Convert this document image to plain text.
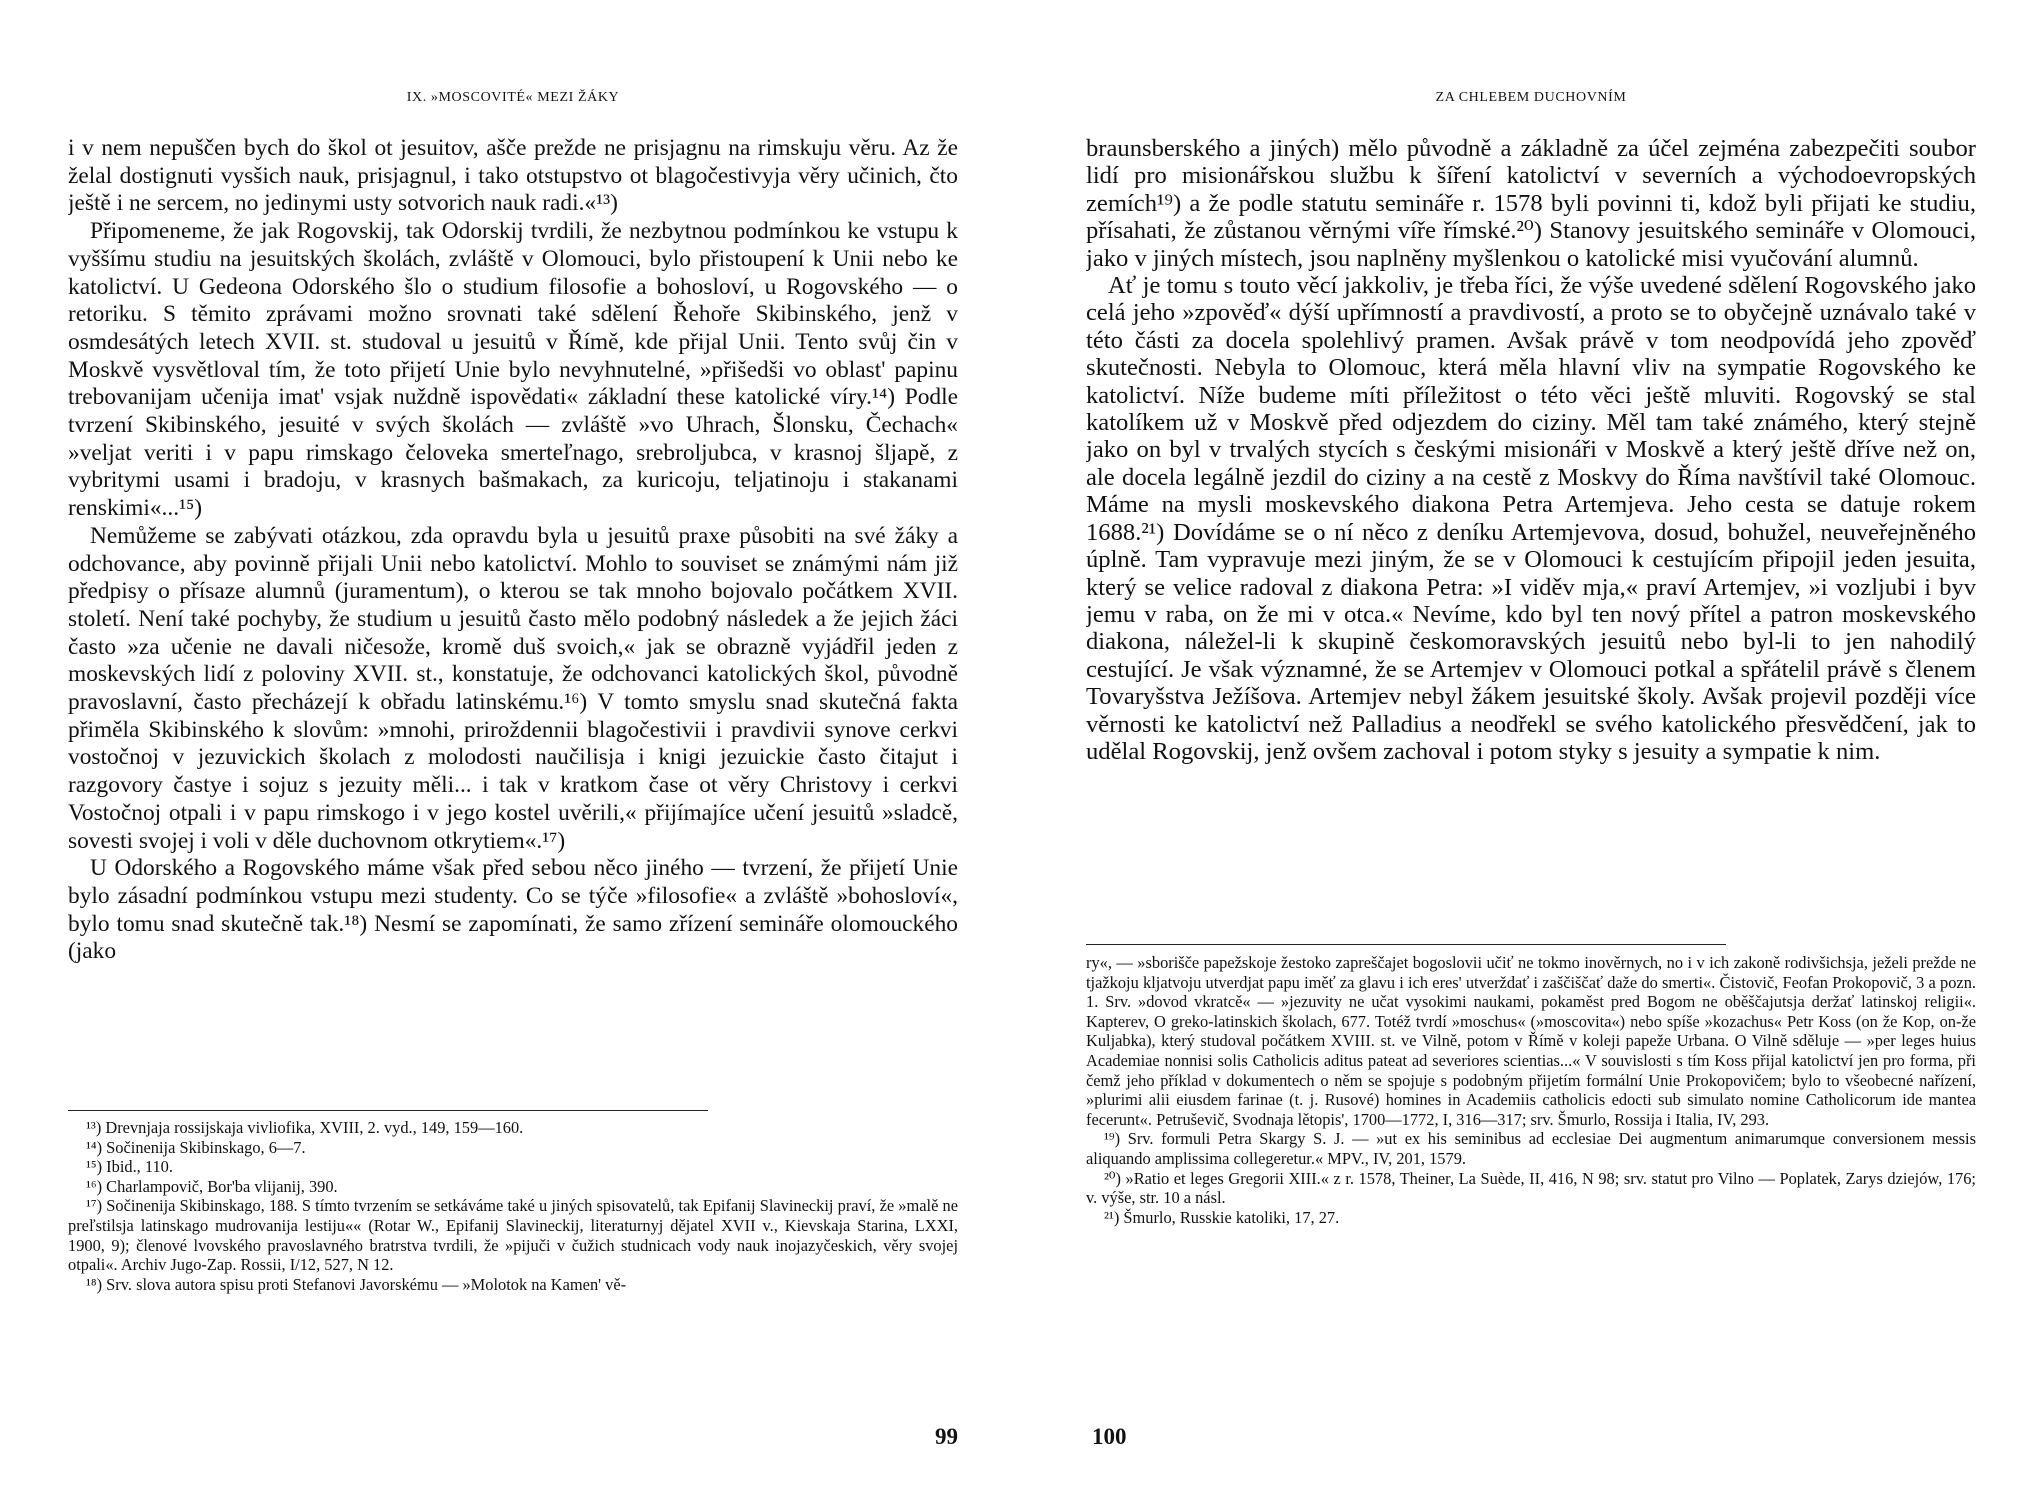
IX. »MOSCOVITÉ« MEZI ŽÁKY

i v nem nepuščen bych do škol ot jesuitov, ašče prežde ne prisjagnu na rimskuju věru. Az že želal dostignuti vysšich nauk, prisjagnul, i tako otstupstvo ot blagočestivyja věry učinich, čto ještě i ne sercem, no jedinymi usty sotvorich nauk radi.«¹³)

Připomeneme, že jak Rogovskij, tak Odorskij tvrdili, že nezbytnou podmínkou ke vstupu k vyššímu studiu na jesuitských školách, zvláště v Olomouci, bylo přistoupení k Unii nebo ke katolictví. U Gedeona Odorského šlo o studium filosofie a bohosloví, u Rogovského — o retoriku. S těmito zprávami možno srovnati také sdělení Řehoře Skibinského, jenž v osmdesátých letech XVII. st. studoval u jesuitů v Římě, kde přijal Unii. Tento svůj čin v Moskvě vysvětloval tím, že toto přijetí Unie bylo nevyhnutelné, »přišedši vo oblast' papinu trebovanijam učenija imat' vsjak nuždně ispovědati« základní these katolické víry.¹⁴) Podle tvrzení Skibinského, jesuité v svých školách — zvláště »vo Uhrach, Šlonsku, Čechach« »veljat veriti i v papu rimskago čeloveka smerteľnago, srebroljubca, v krasnoj šljapě, z vybritymi usami i bradoju, v krasnych bašmakach, za kuricoju, teljatinoju i stakanami renskimi«...¹⁵)

Nemůžeme se zabývati otázkou, zda opravdu byla u jesuitů praxe působiti na své žáky a odchovance, aby povinně přijali Unii nebo katolictví. Mohlo to souviset se známými nám již předpisy o přísaze alumnů (juramentum), o kterou se tak mnoho bojovalo počátkem XVII. století. Není také pochyby, že studium u jesuitů často mělo podobný následek a že jejich žáci často »za učenie ne davali ničesože, kromě duš svoich,« jak se obrazně vyjádřil jeden z moskevských lidí z poloviny XVII. st., konstatuje, že odchovanci katolických škol, původně pravoslavní, často přecházejí k obřadu latinskému.¹⁶) V tomto smyslu snad skutečná fakta přiměla Skibinského k slovům: »mnohi, priroždennii blagočestivii i pravdivii synove cerkvi vostočnoj v jezuvickich školach z molodosti naučilisja i knigi jezuickie často čitajut i razgovory častye i sojuz s jezuity měli... i tak v kratkom čase ot věry Christovy i cerkvi Vostočnoj otpali i v papu rimskogo i v jego kostel uvěrili,« přijímajíce učení jesuitů »sladcě, sovesti svojej i voli v děle duchovnom otkrytiem«.¹⁷)

U Odorského a Rogovského máme však před sebou něco jiného — tvrzení, že přijetí Unie bylo zásadní podmínkou vstupu mezi studenty. Co se týče »filosofie« a zvláště »bohosloví«, bylo tomu snad skutečně tak.¹⁸) Nesmí se zapomínati, že samo zřízení semináře olomouckého (jako

¹³) Drevnjaja rossijskaja vivliofika, XVIII, 2. vyd., 149, 159—160.

¹⁴) Sočinenija Skibinskago, 6—7.

¹⁵) Ibid., 110.

¹⁶) Charlampovič, Bor'ba vlijanij, 390.

¹⁷) Sočinenija Skibinskago, 188. S tímto tvrzením se setkáváme také u jiných spisovatelů, tak Epifanij Slavineckij praví, že »malě ne preľstilsja latinskago mudrovanija lestiju«« (Rotar W., Epifanij Slavineckij, literaturnyj dějatel XVII v., Kievskaja Starina, LXXI, 1900, 9); členové lvovského pravoslavného bratrstva tvrdili, že »pijuči v čužich studnicach vody nauk inojazyčeskich, věry svojej otpali«. Archiv Jugo-Zap. Rossii, I/12, 527, N 12.

¹⁸) Srv. slova autora spisu proti Stefanovi Javorskému — »Molotok na Kamen' vě-

99
ZA CHLEBEM DUCHOVNÍM

braunsberského a jiných) mělo původně a základně za účel zejména zabezpečiti soubor lidí pro misionářskou službu k šíření katolictví v severních a východoevropských zemích¹⁹) a že podle statutu semináře r. 1578 byli povinni ti, kdož byli přijati ke studiu, přísahati, že zůstanou věrnými víře římské.²⁰) Stanovy jesuitského semináře v Olomouci, jako v jiných místech, jsou naplněny myšlenkou o katolické misi vyučování alumnů.

Ať je tomu s touto věcí jakkoliv, je třeba říci, že výše uvedené sdělení Rogovského jako celá jeho »zpověď« dýší upřímností a pravdivostí, a proto se to obyčejně uznávalo také v této části za docela spolehlivý pramen. Avšak právě v tom neodpovídá jeho zpověď skutečnosti. Nebyla to Olomouc, která měla hlavní vliv na sympatie Rogovského ke katolictví. Níže budeme míti příležitost o této věci ještě mluviti. Rogovský se stal katolíkem už v Moskvě před odjezdem do ciziny. Měl tam také známého, který stejně jako on byl v trvalých stycích s českými misionáři v Moskvě a který ještě dříve než on, ale docela legálně jezdil do ciziny a na cestě z Moskvy do Říma navštívil také Olomouc. Máme na mysli moskevského diakona Petra Artemjeva. Jeho cesta se datuje rokem 1688.²¹) Dovídáme se o ní něco z deníku Artemjevova, dosud, bohužel, neuveřejněného úplně. Tam vypravuje mezi jiným, že se v Olomouci k cestujícím připojil jeden jesuita, který se velice radoval z diakona Petra: »I viděv mja,« praví Artemjev, »i vozljubi i byv jemu v raba, on že mi v otca.« Nevíme, kdo byl ten nový přítel a patron moskevského diakona, náležel-li k skupině českomoravských jesuitů nebo byl-li to jen nahodilý cestující. Je však významné, že se Artemjev v Olomouci potkal a spřátelil právě s členem Tovaryšstva Ježíšova. Artemjev nebyl žákem jesuitské školy. Avšak projevil později více věrnosti ke katolictví než Palladius a neodřekl se svého katolického přesvědčení, jak to udělal Rogovskij, jenž ovšem zachoval i potom styky s jesuity a sympatie k nim.

ry«, — »sborišče papežskoje žestoko zapreščajet bogoslovii učiť ne tokmo inověrnych, no i v ich zakoně rodivšichsja, ježeli prežde ne tjažkoju kljatvoju utverdjat papu iměť za glavu i ich eres' utverždať i zaščiščať daže do smerti«. Čistovič, Feofan Prokopovič, 3 a pozn. 1. Srv. »dovod vkratcě« — »jezuvity ne učat vysokimi naukami, pokaměst pred Bogom ne oběščajutsja deržať latinskoj religii«. Kapterev, O greko-latinskich školach, 677. Totéž tvrdí »moschus« (»moscovita«) nebo spíše »kozachus« Petr Koss (on že Kop, on-že Kuljabka), který studoval počátkem XVIII. st. ve Vilně, potom v Římě v koleji papeže Urbana. O Vilně sděluje — »per leges huius Academiae nonnisi solis Catholicis aditus pateat ad severiores scientias...« V souvislosti s tím Koss přijal katolictví jen pro forma, při čemž jeho příklad v dokumentech o něm se spojuje s podobným přijetím formální Unie Prokopovičem; bylo to všeobecné nařízení, »plurimi alii eiusdem farinae (t. j. Rusové) homines in Academiis catholicis edocti sub simulato nomine Catholicorum ide mantea fecerunt«. Petruševič, Svodnaja lětopis', 1700—1772, I, 316—317; srv. Šmurlo, Rossija i Italia, IV, 293.

¹⁹) Srv. formuli Petra Skargy S. J. — »ut ex his seminibus ad ecclesiae Dei augmentum animarumque conversionem messis aliquando amplissima collegeretur.« MPV., IV, 201, 1579.

²⁰) »Ratio et leges Gregorii XIII.« z r. 1578, Theiner, La Suède, II, 416, N 98; srv. statut pro Vilno — Poplatek, Zarys dziejów, 176; v. výše, str. 10 a násl.

²¹) Šmurlo, Russkie katoliki, 17, 27.

100
